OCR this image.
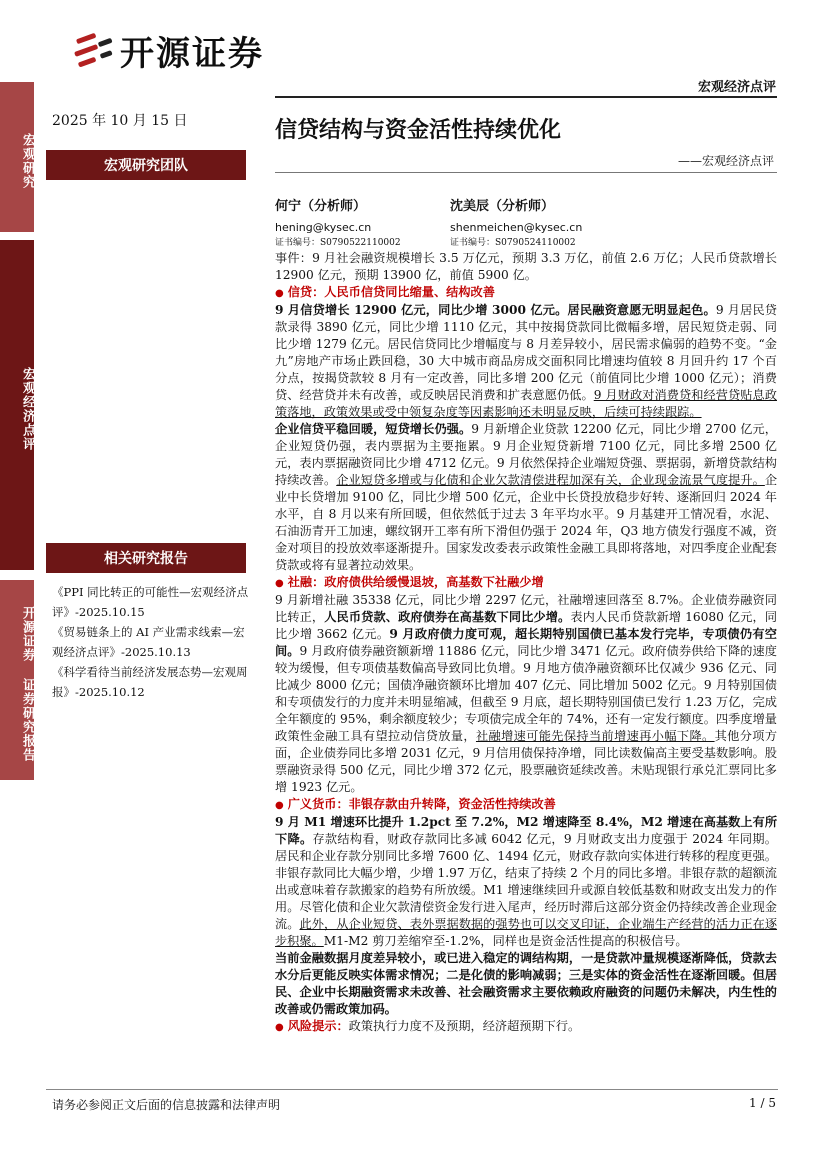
开源证券
宏观经济点评
宏观研究
宏观经济点评
开源证券 证券研究报告
2025 年 10 月 15 日
宏观研究团队
相关研究报告
《PPI 同比转正的可能性—宏观经济点评》-2025.10.15
《贸易链条上的 AI 产业需求线索—宏观经济点评》-2025.10.13
《科学看待当前经济发展态势—宏观周报》-2025.10.12
信贷结构与资金活性持续优化
——宏观经济点评
何宁（分析师）
hening@kysec.cn
证书编号：S0790522110002
沈美辰（分析师）
shenmeichen@kysec.cn
证书编号：S0790524110002

事件：9 月社会融资规模增长 3.5 万亿元，预期 3.3 万亿，前值 2.6 万亿；人民币贷款增长 12900 亿元，预期 13900 亿，前值 5900 亿。

● 信贷：人民币信贷同比缩量、结构改善

9 月信贷增长 12900 亿元，同比少增 3000 亿元。居民融资意愿无明显起色。9 月居民贷款录得 3890 亿元，同比少增 1110 亿元，其中按揭贷款同比微幅多增，居民短贷走弱、同比少增 1279 亿元。居民信贷同比少增幅度与 8 月差异较小，居民需求偏弱的趋势不变。“金九”房地产市场止跌回稳，30 大中城市商品房成交面积同比增速均值较 8 月回升约 17 个百分点，按揭贷款较 8 月有一定改善，同比多增 200 亿元（前值同比少增 1000 亿元）；消费贷、经营贷并未有改善，或反映居民消费和扩表意愿仍低。9 月财政对消费贷和经营贷贴息政策落地，政策效果或受中领复杂度等因素影响还未明显反映，后续可持续跟踪。

企业信贷平稳回暖，短贷增长仍强。9 月新增企业贷款 12200 亿元，同比少增 2700 亿元，企业短贷仍强，表内票据为主要拖累。9 月企业短贷新增 7100 亿元，同比多增 2500 亿元，表内票据融资同比少增 4712 亿元。9 月依然保持企业端短贷强、票据弱，新增贷款结构持续改善。企业短贷多增或与化债和企业欠款清偿进程加深有关，企业现金流景气度提升。企业中长贷增加 9100 亿，同比少增 500 亿元，企业中长贷投放稳步好转、逐渐回归 2024 年水平，自 8 月以来有所回暖，但依然低于过去 3 年平均水平。9 月基建开工情况看，水泥、石油沥青开工加速，螺纹钢开工率有所下滑但仍强于 2024 年，Q3 地方债发行强度不减，资金对项目的投放效率逐渐提升。国家发改委表示政策性金融工具即将落地，对四季度企业配套贷款或将有显著拉动效果。

● 社融：政府债供给缓慢退坡，高基数下社融少增

9 月新增社融 35338 亿元，同比少增 2297 亿元，社融增速回落至 8.7%。企业债券融资同比转正，人民币贷款、政府债券在高基数下同比少增。表内人民币贷款新增 16080 亿元，同比少增 3662 亿元。9 月政府债力度可观，超长期特别国债已基本发行完毕，专项债仍有空间。9 月政府债券融资额新增 11886 亿元，同比少增 3471 亿元。政府债券供给下降的速度较为缓慢，但专项债基数偏高导致同比负增。9 月地方债净融资额环比仅减少 936 亿元、同比减少 8000 亿元；国债净融资额环比增加 407 亿元、同比增加 5002 亿元。9 月特别国债和专项债发行的力度并未明显缩减，但截至 9 月底，超长期特别国债已发行 1.23 万亿，完成全年额度的 95%，剩余额度较少；专项债完成全年的 74%，还有一定发行额度。四季度增量政策性金融工具有望拉动信贷放量，社融增速可能先保持当前增速再小幅下降。其他分项方面，企业债券同比多增 2031 亿元，9 月信用债保持净增，同比读数偏高主要受基数影响。股票融资录得 500 亿元，同比少增 372 亿元，股票融资延续改善。未贴现银行承兑汇票同比多增 1923 亿元。

● 广义货币：非银存款由升转降，资金活性持续改善

9 月 M1 增速环比提升 1.2pct 至 7.2%，M2 增速降至 8.4%，M2 增速在高基数上有所下降。存款结构看，财政存款同比多减 6042 亿元，9 月财政支出力度强于 2024 年同期。居民和企业存款分别同比多增 7600 亿、1494 亿元，财政存款向实体进行转移的程度更强。非银存款同比大幅少增，少增 1.97 万亿，结束了持续 2 个月的同比多增。非银存款的超额流出或意味着存款搬家的趋势有所放缓。M1 增速继续回升或源自较低基数和财政支出发力的作用。尽管化债和企业欠款清偿资金发行进入尾声，经历时滞后这部分资金仍持续改善企业现金流。此外，从企业短贷、表外票据数据的强势也可以交叉印证，企业端生产经营的活力正在逐步积聚。M1-M2 剪刀差缩窄至-1.2%，同样也是资金活性提高的积极信号。

当前金融数据月度差异较小，或已进入稳定的调结构期，一是贷款冲量规模逐渐降低，贷款去水分后更能反映实体需求情况；二是化债的影响减弱；三是实体的资金活性在逐渐回暖。但居民、企业中长期融资需求未改善、社会融资需求主要依赖政府融资的问题仍未解决，内生性的改善或仍需政策加码。

● 风险提示：政策执行力度不及预期，经济超预期下行。

请务必参阅正文后面的信息披露和法律声明	1 / 5
